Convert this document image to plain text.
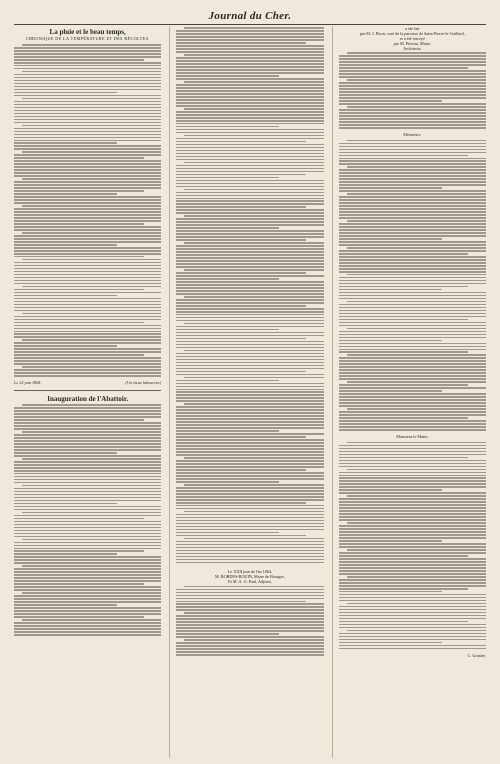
Journal du Cher.
La pluie et le beau temps,
CHRONIQUE DE LA TEMPÉRATURE ET DES RÉCOLTES.
Le 22 juin 1864.	(Un vieux laboureur.)
Inauguration de l'Abattoir.
Le XXII juin de l'an 1864,
M. BORDES-BOUIN, Maire de Bourges,
Et M. A. G. Paul, Adjoint,
a été fait
par M. J. Piron, curé de la paroisse de Saint-Pierre-le-Guillard,
et a été envoyé
par M. Pierrau, Maire,
Architecte,
Messieurs,
Monsieur le Maire,
C. Granier.
